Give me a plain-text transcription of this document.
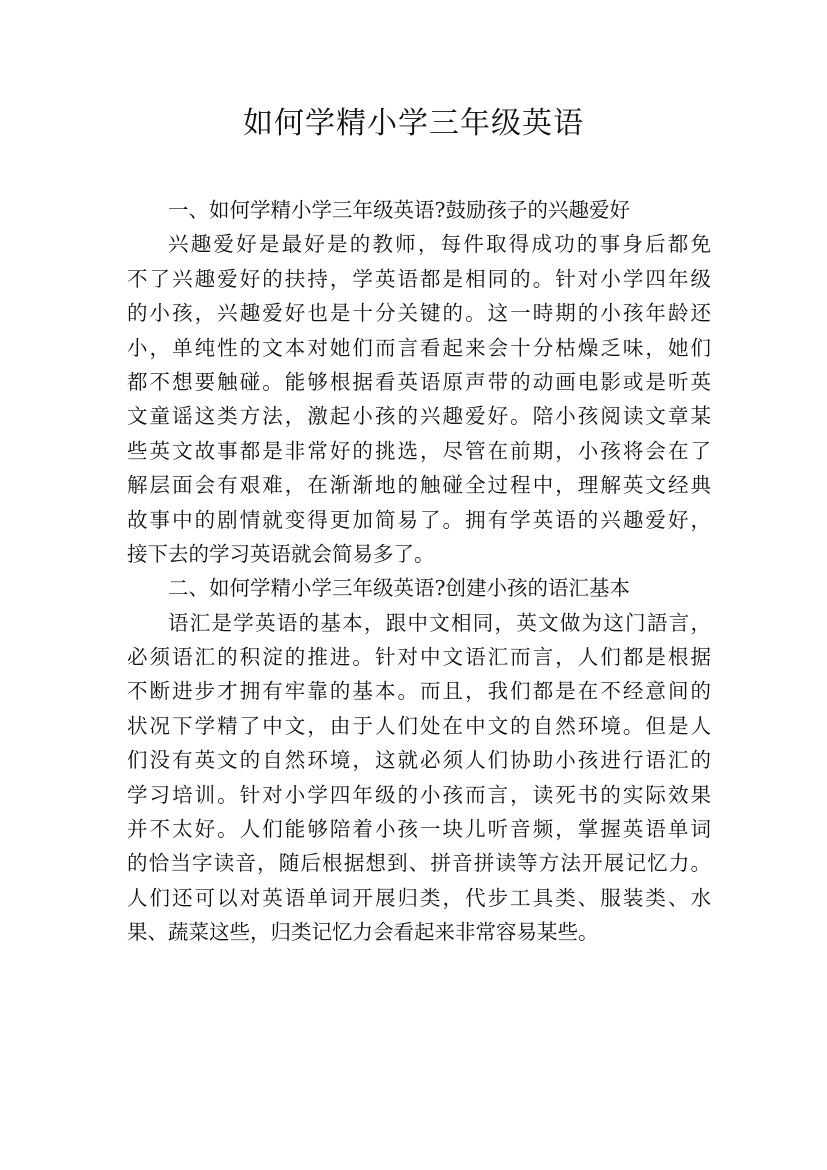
如何学精小学三年级英语
一、如何学精小学三年级英语?鼓励孩子的兴趣爱好
兴趣爱好是最好是的教师，每件取得成功的事身后都免
不了兴趣爱好的扶持，学英语都是相同的。针对小学四年级
的小孩，兴趣爱好也是十分关键的。这一時期的小孩年龄还
小，单纯性的文本对她们而言看起来会十分枯燥乏味，她们
都不想要触碰。能够根据看英语原声带的动画电影或是听英
文童谣这类方法，激起小孩的兴趣爱好。陪小孩阅读文章某
些英文故事都是非常好的挑选，尽管在前期，小孩将会在了
解层面会有艰难，在渐渐地的触碰全过程中，理解英文经典
故事中的剧情就变得更加简易了。拥有学英语的兴趣爱好，
接下去的学习英语就会简易多了。
二、如何学精小学三年级英语?创建小孩的语汇基本
语汇是学英语的基本，跟中文相同，英文做为这门語言，
必须语汇的积淀的推进。针对中文语汇而言，人们都是根据
不断进步才拥有牢靠的基本。而且，我们都是在不经意间的
状况下学精了中文，由于人们处在中文的自然环境。但是人
们没有英文的自然环境，这就必须人们协助小孩进行语汇的
学习培训。针对小学四年级的小孩而言，读死书的实际效果
并不太好。人们能够陪着小孩一块儿听音频，掌握英语单词
的恰当字读音，随后根据想到、拼音拼读等方法开展记忆力。
人们还可以对英语单词开展归类，代步工具类、服装类、水
果、蔬菜这些，归类记忆力会看起来非常容易某些。
